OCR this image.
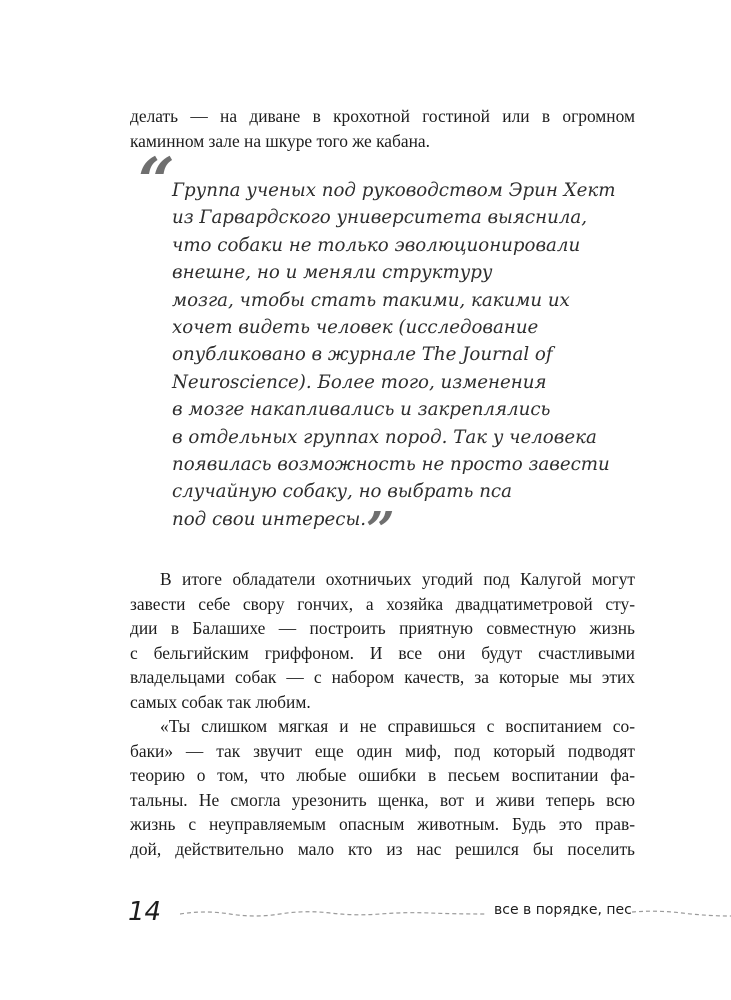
делать — на диване в крохотной гостиной или в огромном
каминном зале на шкуре того же кабана.
“
Группа ученых под руководством Эрин Хект
из Гарвардского университета выяснила,
что собаки не только эволюционировали
внешне, но и меняли структуру
мозга, чтобы стать такими, какими их
хочет видеть человек (исследование
опубликовано в журнале The Journal of
Neuroscience). Более того, изменения
в мозге накапливались и закреплялись
в отдельных группах пород. Так у человека
появилась возможность не просто завести
случайную собаку, но выбрать пса
под свои интересы. ”
В итоге обладатели охотничьих угодий под Калугой могут
завести себе свору гончих, а хозяйка двадцатиметровой сту-
дии в Балашихе — построить приятную совместную жизнь
с бельгийским гриффоном. И все они будут счастливыми
владельцами собак — с набором качеств, за которые мы этих
самых собак так любим.
«Ты слишком мягкая и не справишься с воспитанием со-
баки» — так звучит еще один миф, под который подводят
теорию о том, что любые ошибки в песьем воспитании фа-
тальны. Не смогла урезонить щенка, вот и живи теперь всю
жизнь с неуправляемым опасным животным. Будь это прав-
дой, действительно мало кто из нас решился бы поселить
14	все в порядке, пес
